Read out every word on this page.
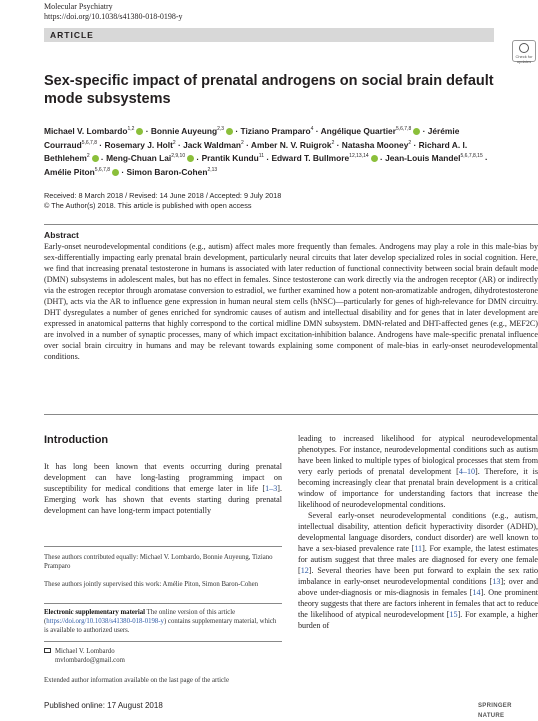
Molecular Psychiatry
https://doi.org/10.1038/s41380-018-0198-y
ARTICLE
Check for updates
Sex-specific impact of prenatal androgens on social brain default mode subsystems
Michael V. Lombardo$^{1,2}$ · Bonnie Auyeung$^{2,3}$ · Tiziano Pramparo$^4$ · Angélique Quartier$^{5,6,7,8}$ · Jérémie Courraud$^{5,6,7,8}$ · Rosemary J. Holt$^2$ · Jack Waldman$^2$ · Amber N. V. Ruigrok$^2$ · Natasha Mooney$^2$ · Richard A. I. Bethlehem$^2$ · Meng-Chuan Lai$^{2,9,10}$ · Prantik Kundu$^{11}$ · Edward T. Bullmore$^{12,13,14}$ · Jean-Louis Mandel$^{5,6,7,8,15}$ · Amélie Piton$^{5,6,7,8}$ · Simon Baron-Cohen$^{2,13}$
Received: 8 March 2018 / Revised: 14 June 2018 / Accepted: 9 July 2018
© The Author(s) 2018. This article is published with open access
Abstract
Early-onset neurodevelopmental conditions (e.g., autism) affect males more frequently than females. Androgens may play a role in this male-bias by sex-differentially impacting early prenatal brain development, particularly neural circuits that later develop specialized roles in social cognition. Here, we find that increasing prenatal testosterone in humans is associated with later reduction of functional connectivity between social brain default mode (DMN) subsystems in adolescent males, but has no effect in females. Since testosterone can work directly via the androgen receptor (AR) or indirectly via the estrogen receptor through aromatase conversion to estradiol, we further examined how a potent non-aromatizable androgen, dihydrotestosterone (DHT), acts via the AR to influence gene expression in human neural stem cells (hNSC)—particularly for genes of high-relevance for DMN circuitry. DHT dysregulates a number of genes enriched for syndromic causes of autism and intellectual disability and for genes that in later development are expressed in anatomical patterns that highly correspond to the cortical midline DMN subsystem. DMN-related and DHT-affected genes (e.g., MEF2C) are involved in a number of synaptic processes, many of which impact excitation-inhibition balance. Androgens have male-specific prenatal influence over social brain circuitry in humans and may be relevant towards explaining some component of male-bias in early-onset neurodevelopmental conditions.
Introduction
It has long been known that events occurring during prenatal development can have long-lasting programming impact on susceptibility for medical conditions that emerge later in life [1–3]. Emerging work has shown that events starting during prenatal development can have long-term impact potentially

leading to increased likelihood for atypical neurodevelopmental phenotypes. For instance, neurodevelopmental conditions such as autism have been linked to multiple types of biological processes that stem from very early periods of prenatal development [4–10]. Therefore, it is becoming increasingly clear that prenatal brain development is a critical window of importance for understanding factors that increase the likelihood of neurodevelopmental conditions.

Several early-onset neurodevelopmental conditions (e.g., autism, intellectual disability, attention deficit hyperactivity disorder (ADHD), developmental language disorders, conduct disorder) are well known to have a sex-biased prevalence rate [11]. For example, the latest estimates for autism suggest that three males are diagnosed for every one female [12]. Several theories have been put forward to explain the sex ratio imbalance in early-onset neurodevelopmental conditions [13]; over and above under-diagnosis or mis-diagnosis in females [14]. One prominent theory suggests that there are factors inherent in females that act to reduce the likelihood of atypical neurodevelopment [15]. For example, a higher burden of

These authors contributed equally: Michael V. Lombardo, Bonnie Auyeung, Tiziano Pramparo
These authors jointly supervised this work: Amélie Piton, Simon Baron-Cohen
Electronic supplementary material The online version of this article (https://doi.org/10.1038/s41380-018-0198-y) contains supplementary material, which is available to authorized users.
Michael V. Lombardo
mvlombardo@gmail.com
Extended author information available on the last page of the article
Published online: 17 August 2018	SPRINGER NATURE
